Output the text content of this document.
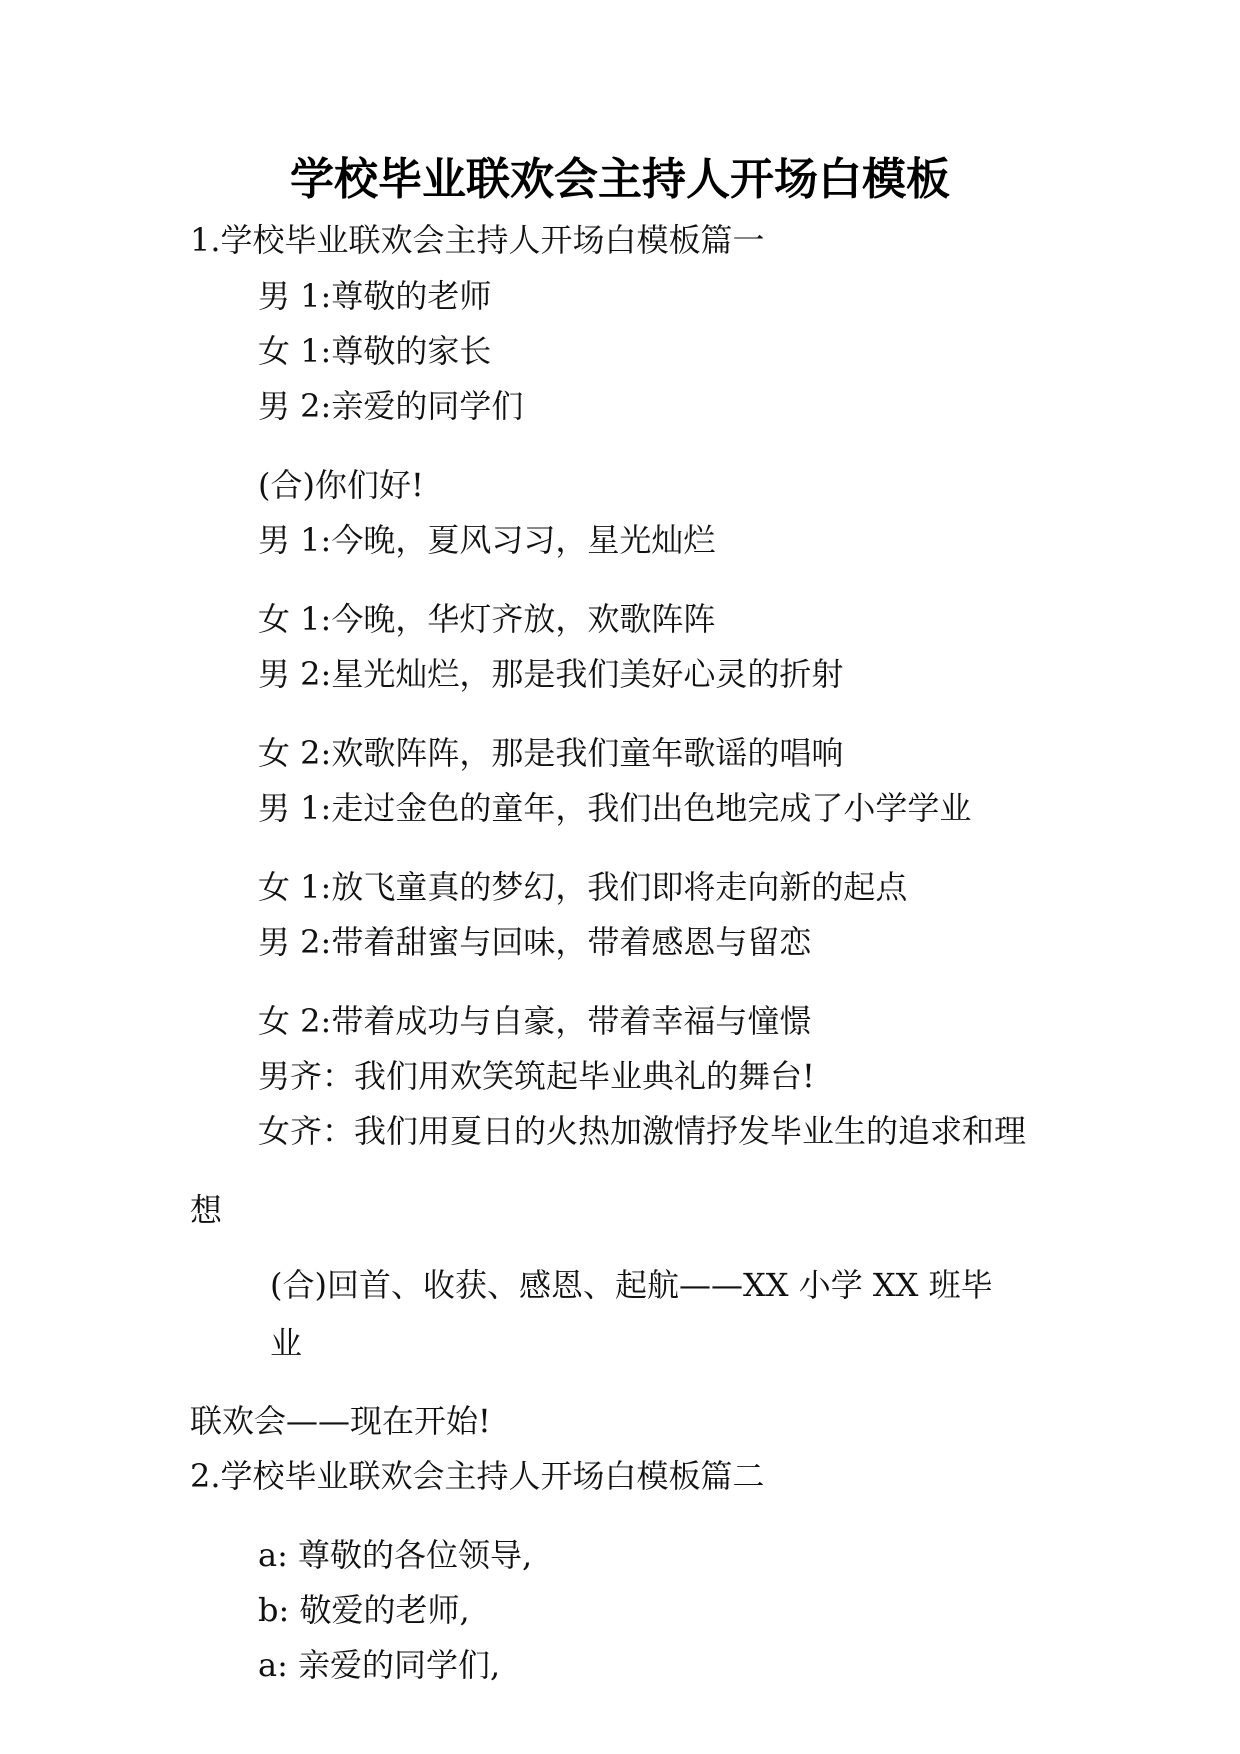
学校毕业联欢会主持人开场白模板
1.学校毕业联欢会主持人开场白模板篇一
男 1:尊敬的老师
女 1:尊敬的家长
男 2:亲爱的同学们
(合)你们好!
男 1:今晚，夏风习习，星光灿烂
女 1:今晚，华灯齐放，欢歌阵阵
男 2:星光灿烂，那是我们美好心灵的折射
女 2:欢歌阵阵，那是我们童年歌谣的唱响
男 1:走过金色的童年，我们出色地完成了小学学业
女 1:放飞童真的梦幻，我们即将走向新的起点
男 2:带着甜蜜与回味，带着感恩与留恋
女 2:带着成功与自豪，带着幸福与憧憬
男齐：我们用欢笑筑起毕业典礼的舞台!
女齐：我们用夏日的火热加激情抒发毕业生的追求和理
想
(合)回首、收获、感恩、起航——XX 小学 XX 班毕
业
联欢会——现在开始!
2.学校毕业联欢会主持人开场白模板篇二
a: 尊敬的各位领导,
b: 敬爱的老师,
a: 亲爱的同学们,
